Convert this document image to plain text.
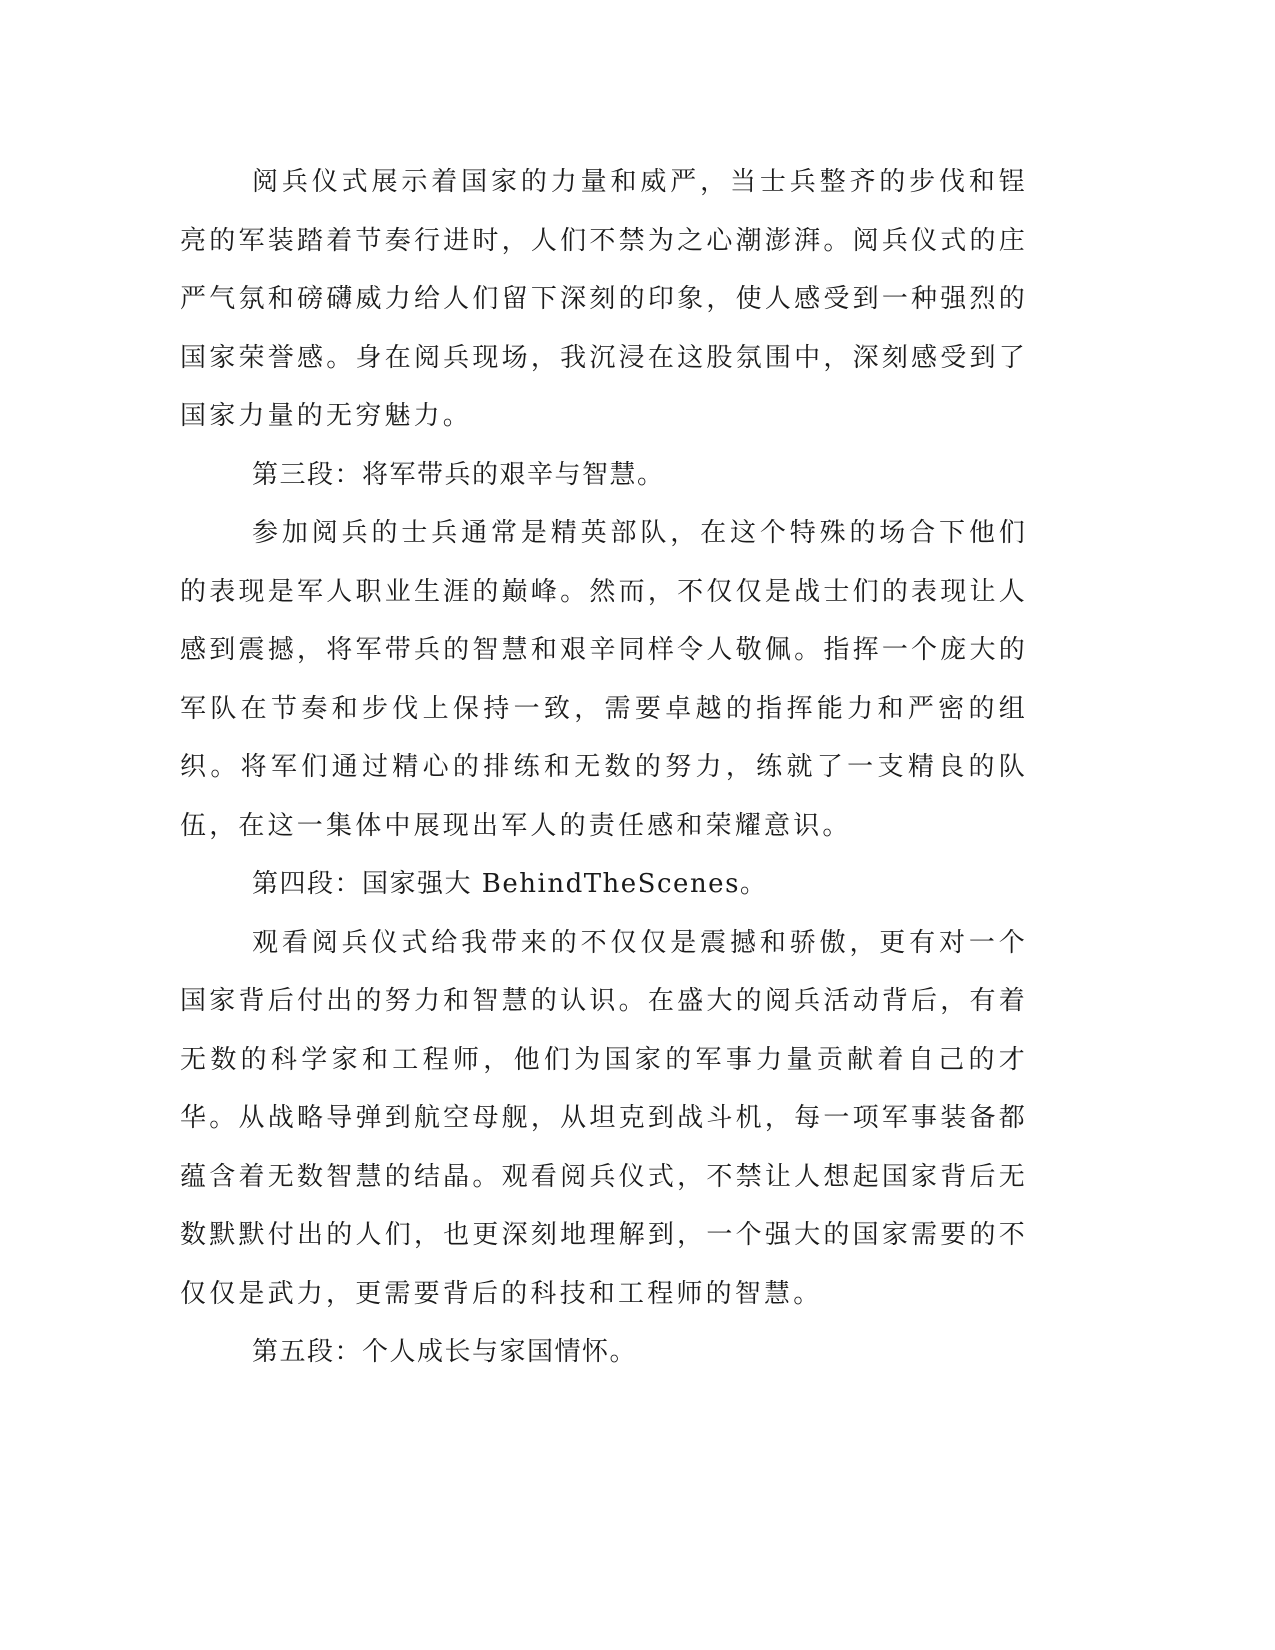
阅兵仪式展示着国家的力量和威严，当士兵整齐的步伐和锃亮的军装踏着节奏行进时，人们不禁为之心潮澎湃。阅兵仪式的庄严气氛和磅礴威力给人们留下深刻的印象，使人感受到一种强烈的国家荣誉感。身在阅兵现场，我沉浸在这股氛围中，深刻感受到了国家力量的无穷魅力。

第三段：将军带兵的艰辛与智慧。

参加阅兵的士兵通常是精英部队，在这个特殊的场合下他们的表现是军人职业生涯的巅峰。然而，不仅仅是战士们的表现让人感到震撼，将军带兵的智慧和艰辛同样令人敬佩。指挥一个庞大的军队在节奏和步伐上保持一致，需要卓越的指挥能力和严密的组织。将军们通过精心的排练和无数的努力，练就了一支精良的队伍，在这一集体中展现出军人的责任感和荣耀意识。

第四段：国家强大 BehindTheScenes。

观看阅兵仪式给我带来的不仅仅是震撼和骄傲，更有对一个国家背后付出的努力和智慧的认识。在盛大的阅兵活动背后，有着无数的科学家和工程师，他们为国家的军事力量贡献着自己的才华。从战略导弹到航空母舰，从坦克到战斗机，每一项军事装备都蕴含着无数智慧的结晶。观看阅兵仪式，不禁让人想起国家背后无数默默付出的人们，也更深刻地理解到，一个强大的国家需要的不仅仅是武力，更需要背后的科技和工程师的智慧。

第五段：个人成长与家国情怀。
